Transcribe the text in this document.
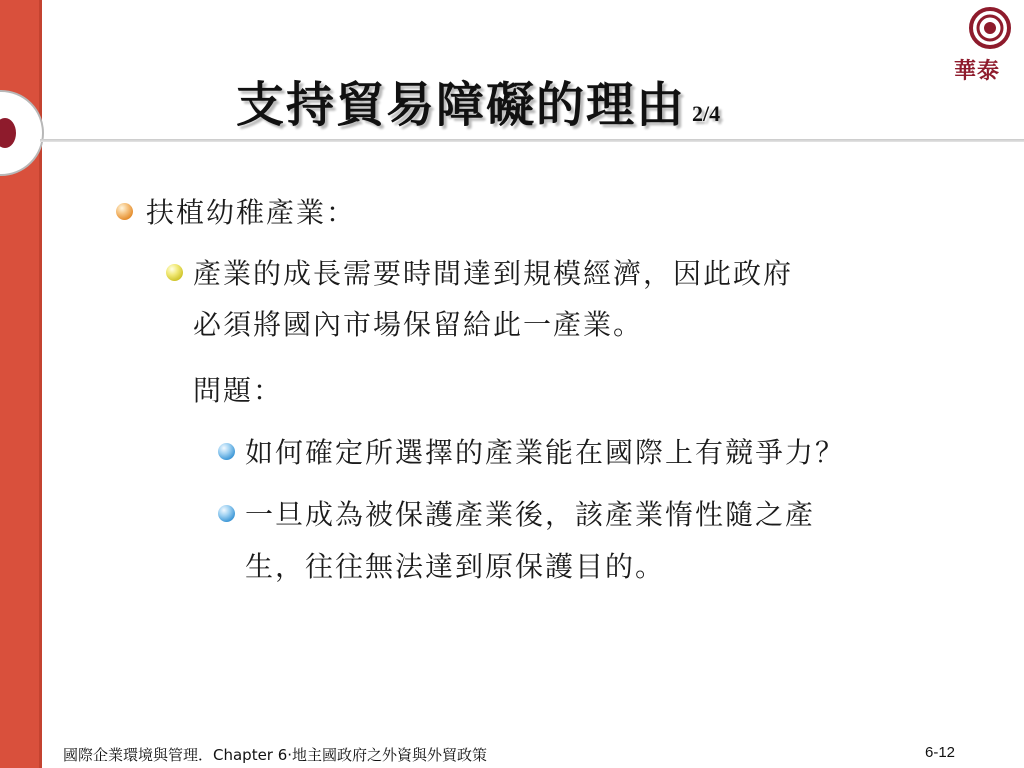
華泰
支持貿易障礙的理由 2/4
扶植幼稚產業：
產業的成長需要時間達到規模經濟，因此政府
必須將國內市場保留給此一產業。
問題：
如何確定所選擇的產業能在國際上有競爭力？
一旦成為被保護產業後，該產業惰性隨之產
生，往往無法達到原保護目的。
國際企業環境與管理．Chapter 6‧地主國政府之外資與外貿政策	6-12
